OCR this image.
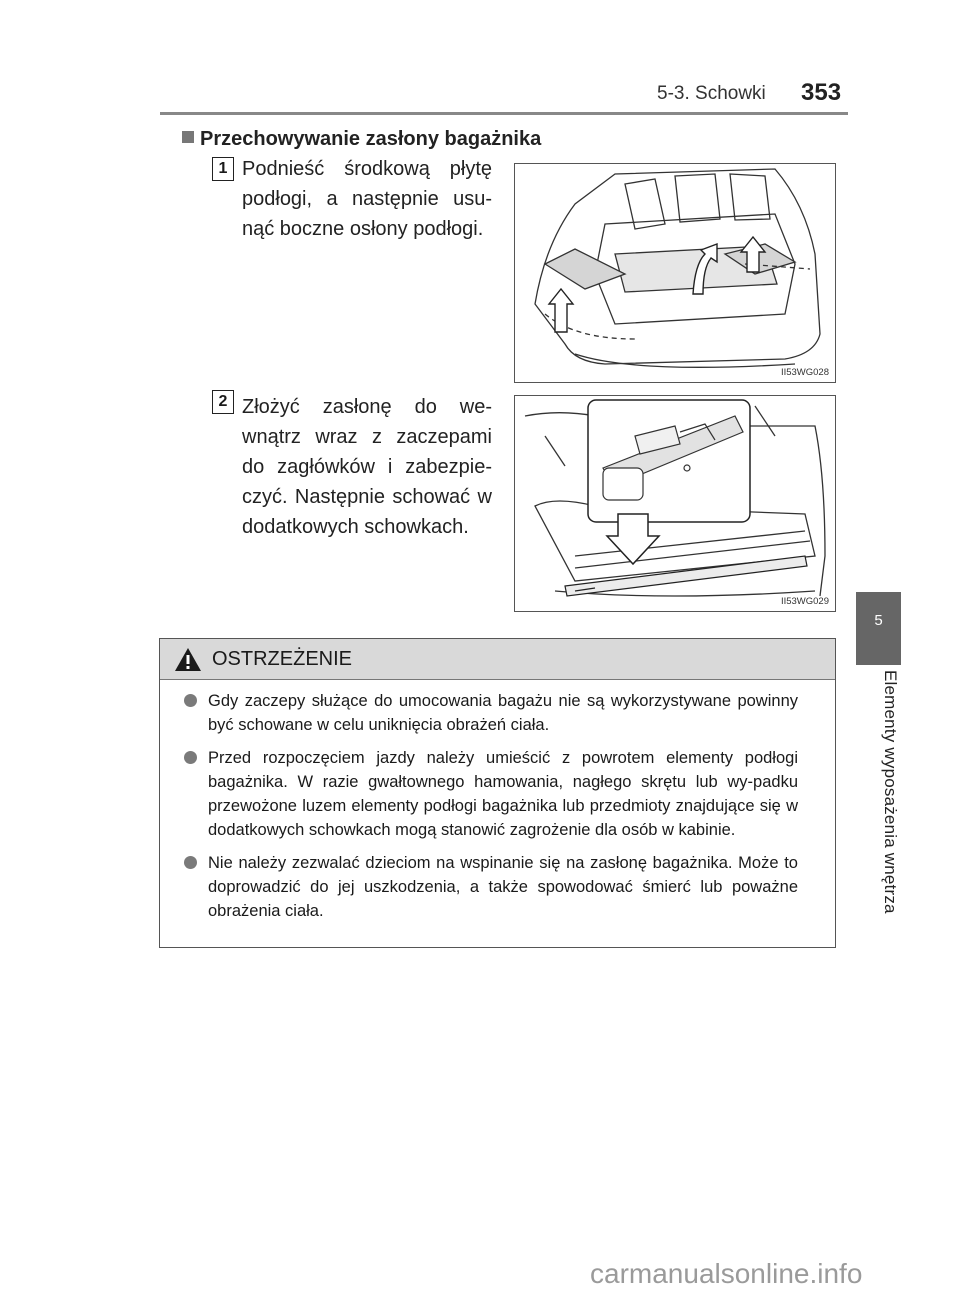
5-3. Schowki 353
5
Elementy wyposażenia wnętrza
Przechowywanie zasłony bagażnika
1 Podnieść środkową płytę podłogi, a następnie usu-nąć boczne osłony podłogi.
II53WG028
2 Złożyć zasłonę do we-wnątrz wraz z zaczepami do zagłówków i zabezpie-czyć. Następnie schować w dodatkowych schowkach.
II53WG029
OSTRZEŻENIE
Gdy zaczepy służące do umocowania bagażu nie są wykorzystywane powinny być schowane w celu uniknięcia obrażeń ciała.
Przed rozpoczęciem jazdy należy umieścić z powrotem elementy podłogi bagażnika. W razie gwałtownego hamowania, nagłego skrętu lub wy-padku przewożone luzem elementy podłogi bagażnika lub przedmioty znajdujące się w dodatkowych schowkach mogą stanowić zagrożenie dla osób w kabinie.
Nie należy zezwalać dzieciom na wspinanie się na zasłonę bagażnika. Może to doprowadzić do jej uszkodzenia, a także spowodować śmierć lub poważne obrażenia ciała.
carmanualsonline.info
